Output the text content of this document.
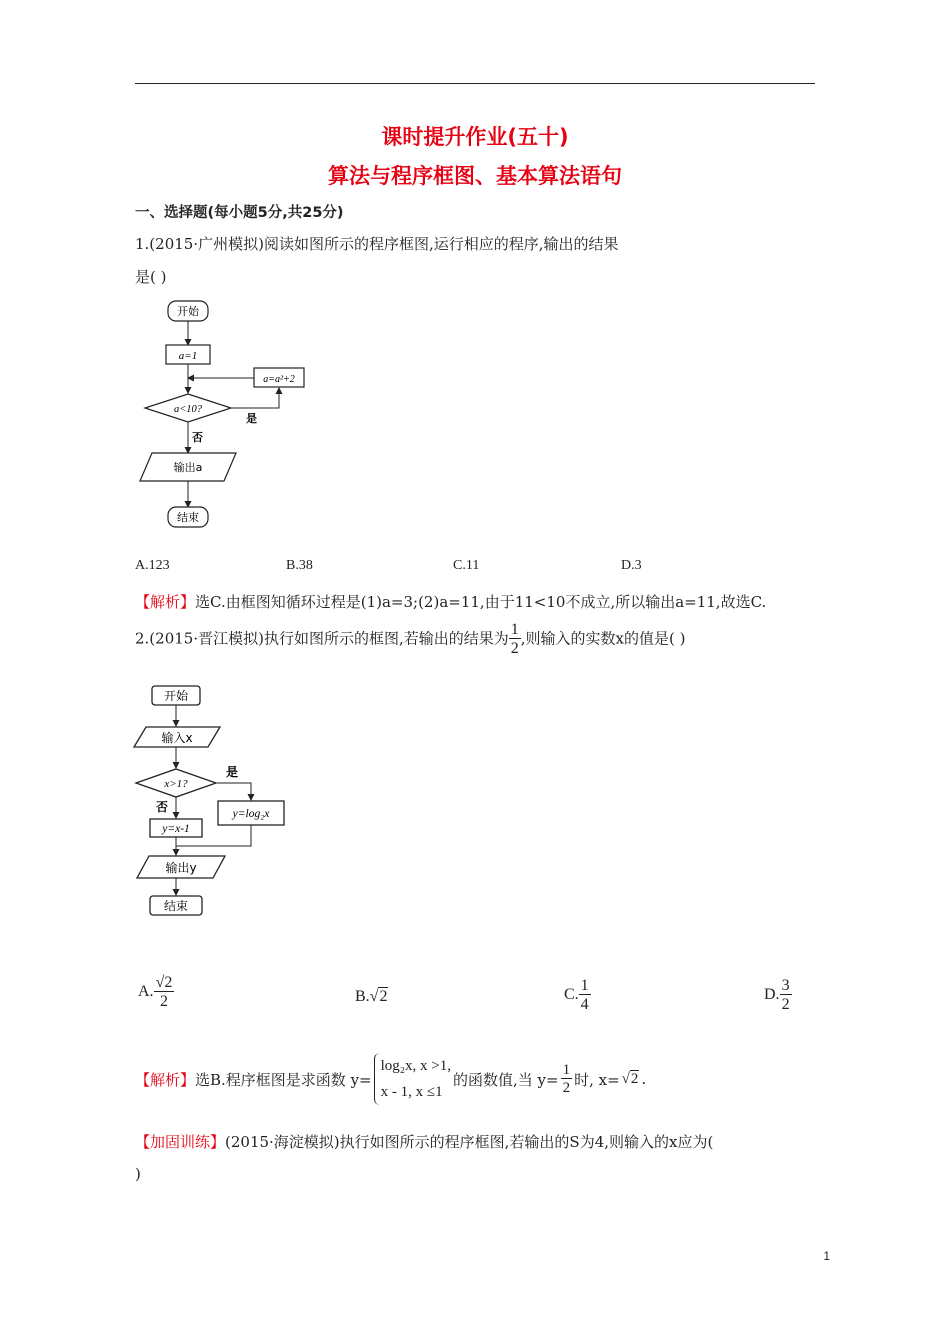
课时提升作业(五十)
算法与程序框图、基本算法语句
一、选择题(每小题5分,共25分)
1.(2015·广州模拟)阅读如图所示的程序框图,运行相应的程序,输出的结果
是( )
开始
a=1
a=a²+2
a<10?
是
否
输出a
结束
A.123	B.38	C.11	D.3
【解析】选C.由框图知循环过程是(1)a=3;(2)a=11,由于11<10不成立,所以输出a=11,故选C.
2.(2015·晋江模拟)执行如图所示的框图,若输出的结果为 $\frac{1}{2}$ ,则输入的实数x的值是( )
开始
输入x
x>1?
是
y=log₂x
否
y=x-1
输出y
结束
A. $\frac{√2}{2}$	B.√2	C. $\frac{1}{4}$	D. $\frac{3}{2}$
【解析】 选B.程序框图是求函数 y=
log₂x, x >1,
x - 1, x ≤1
的函数值,当 $y= \frac{1}{2}$ 时, x= √2 .
【加固训练】(2015·海淀模拟)执行如图所示的程序框图,若输出的S为4,则输入的x应为(
)
1
